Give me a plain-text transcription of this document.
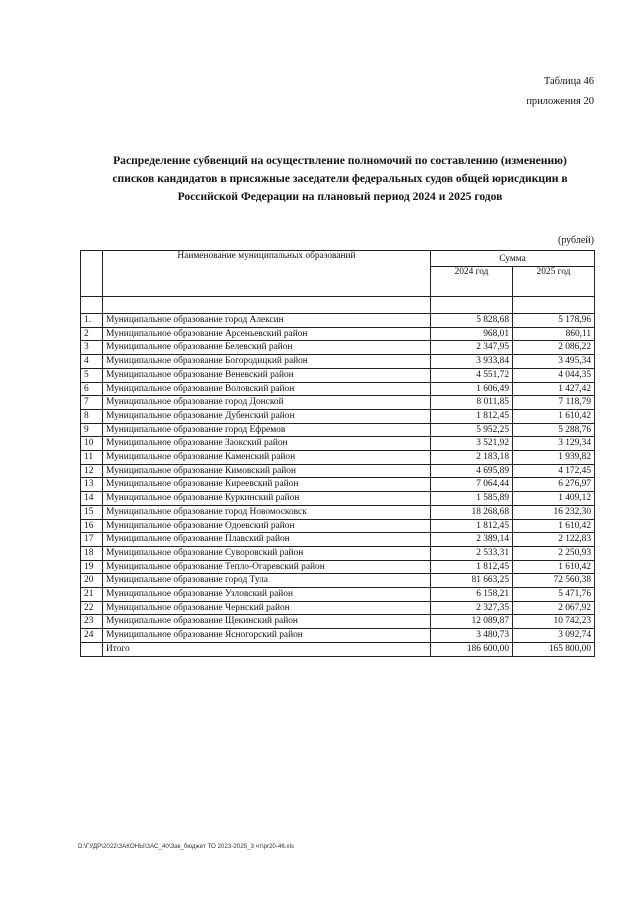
Таблица 46
приложения 20
Распределение субвенций на осуществление полномочий по составлению (изменению)
списков кандидатов в присяжные заседатели федеральных судов общей юрисдикции в
Российской Федерации на плановый период 2024 и 2025 годов
(рублей)
	Наименование муниципальных образований	Сумма	
		2024 год	2025 год

1.	Муниципальное образование город Алексин	5 828,68	5 178,96
2	Муниципальное образование Арсеньевский район	968,01	860,11
3	Муниципальное образование Белевский район	2 347,95	2 086,22
4	Муниципальное образование Богородицкий район	3 933,84	3 495,34
5	Муниципальное образование Веневский район	4 551,72	4 044,35
6	Муниципальное образование Воловский район	1 606,49	1 427,42
7	Муниципальное образование город Донской	8 011,85	7 118,79
8	Муниципальное образование Дубенский район	1 812,45	1 610,42
9	Муниципальное образование город Ефремов	5 952,25	5 288,76
10	Муниципальное образование Заокский район	3 521,92	3 129,34
11	Муниципальное образование Каменский район	2 183,18	1 939,82
12	Муниципальное образование Кимовский район	4 695,89	4 172,45
13	Муниципальное образование Киреевский район	7 064,44	6 276,97
14	Муниципальное образование Куркинский район	1 585,89	1 409,12
15	Муниципальное образование город Новомосковск	18 268,68	16 232,30
16	Муниципальное образование Одоевский район	1 812,45	1 610,42
17	Муниципальное образование Плавский район	2 389,14	2 122,83
18	Муниципальное образование Суворовский район	2 533,31	2 250,93
19	Муниципальное образование Тепло-Огаревский район	1 812,45	1 610,42
20	Муниципальное образование город Тула	81 663,25	72 560,38
21	Муниципальное образование Узловский район	6 158,21	5 471,76
22	Муниципальное образование Чернский район	2 327,35	2 067,92
23	Муниципальное образование Щекинский район	12 089,87	10 742,23
24	Муниципальное образование Ясногорский район	3 480,73	3 092,74
	Итого	186 600,00	165 800,00
D:\ГУДР\2022\ЗАКОНЫ\ЗАС_40\Зак_бюджет ТО 2023-2025_3 чт\pr20-46.xls
